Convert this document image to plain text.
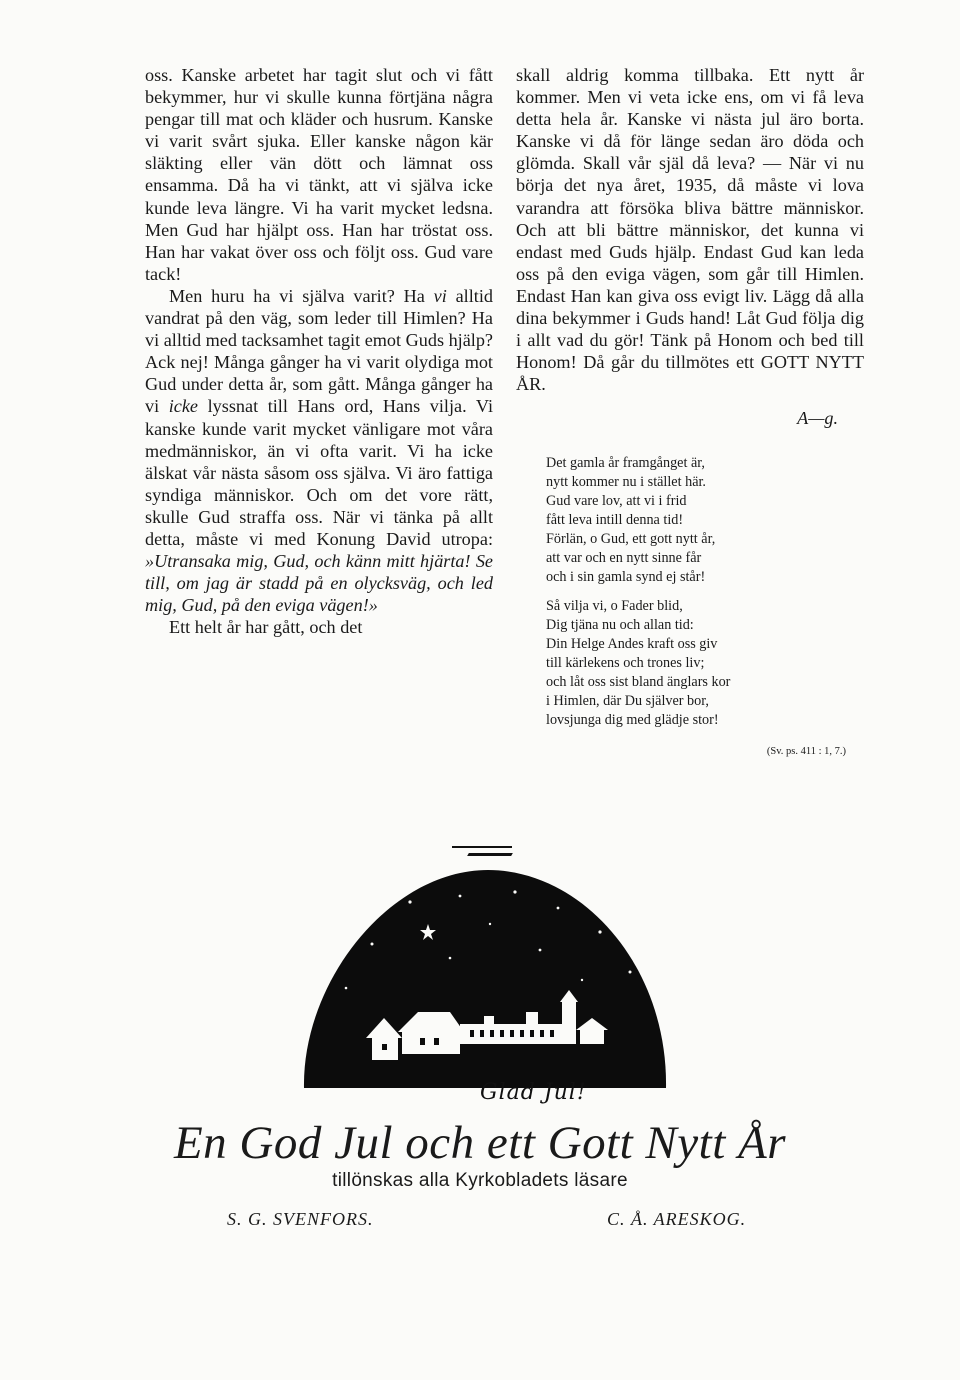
oss. Kanske arbetet har tagit slut och vi fått bekymmer, hur vi skulle kunna förtjäna några pengar till mat och kläder och husrum. Kanske vi varit svårt sjuka. Eller kanske någon kär släkting eller vän dött och lämnat oss ensamma. Då ha vi tänkt, att vi själva icke kunde leva längre. Vi ha varit mycket ledsna. Men Gud har hjälpt oss. Han har tröstat oss. Han har vakat över oss och följt oss. Gud vare tack!

Men huru ha vi själva varit? Ha vi alltid vandrat på den väg, som leder till Himlen? Ha vi alltid med tacksamhet tagit emot Guds hjälp? Ack nej! Många gånger ha vi varit olydiga mot Gud under detta år, som gått. Många gånger ha vi icke lyssnat till Hans ord, Hans vilja. Vi kanske kunde varit mycket vänligare mot våra medmänniskor, än vi ofta varit. Vi ha icke älskat vår nästa såsom oss själva. Vi äro fattiga syndiga människor. Och om det vore rätt, skulle Gud straffa oss. När vi tänka på allt detta, måste vi med Konung David utropa: »Utransaka mig, Gud, och känn mitt hjärta! Se till, om jag är stadd på en olycksväg, och led mig, Gud, på den eviga vägen!»

Ett helt år har gått, och det

skall aldrig komma tillbaka. Ett nytt år kommer. Men vi veta icke ens, om vi få leva detta hela år. Kanske vi nästa jul äro borta. Kanske vi då för länge sedan äro döda och glömda. Skall vår själ då leva? — När vi nu börja det nya året, 1935, då måste vi lova varandra att försöka bliva bättre människor. Och att bli bättre människor, det kunna vi endast med Guds hjälp. Endast Gud kan leda oss på den eviga vägen, som går till Himlen. Endast Han kan giva oss evigt liv. Lägg då alla dina bekymmer i Guds hand! Låt Gud följa dig i allt vad du gör! Tänk på Honom och bed till Honom! Då går du tillmötes ett GOTT NYTT ÅR.

A—g.

Det gamla år framgånget är,
nytt kommer nu i stället här.
Gud vare lov, att vi i frid
fått leva intill denna tid!
Förlän, o Gud, ett gott nytt år,
att var och en nytt sinne får
och i sin gamla synd ej står!
Så vilja vi, o Fader blid,
Dig tjäna nu och allan tid:
Din Helge Andes kraft oss giv
till kärlekens och trones liv;
och låt oss sist bland änglars kor
i Himlen, där Du själver bor,
lovsjunga dig med glädje stor!
(Sv. ps. 411 : 1, 7.)
Glad Jul!
En God Jul och ett Gott Nytt År
tillönskas alla Kyrkobladets läsare
S. G. SVENFORS.	C. Å. ARESKOG.
